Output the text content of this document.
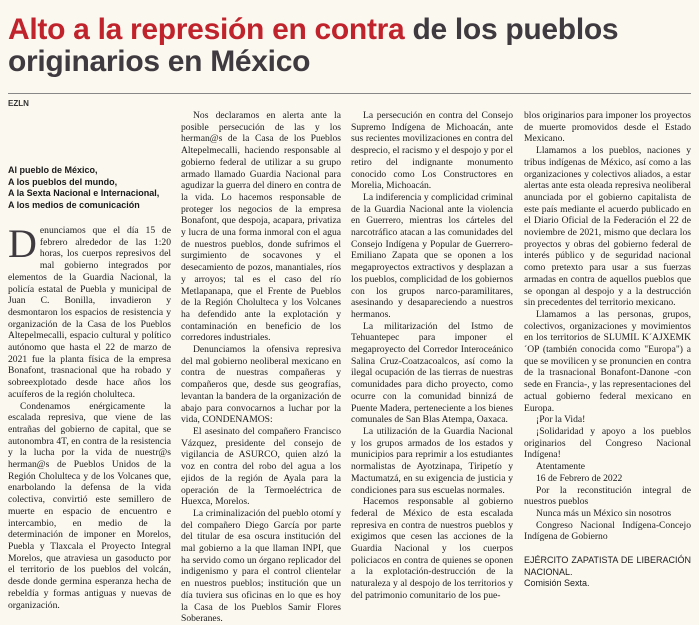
Alto a la represión en contra de los pueblos originarios en México
EZLN
Al pueblo de México,
A los pueblos del mundo,
A la Sexta Nacional e Internacional,
A los medios de comunicación

Denunciamos que el día 15 de febrero alrededor de las 1:20 horas, los cuerpos represivos del mal gobierno integrados por elementos de la Guardia Nacional, la policía estatal de Puebla y municipal de Juan C. Bonilla, invadieron y desmontaron los espacios de resistencia y organización de la Casa de los Pueblos Altepelmecalli, espacio cultural y político autónomo que hasta el 22 de marzo de 2021 fue la planta física de la empresa Bonafont, trasnacional que ha robado y sobreexplotado desde hace años los acuíferos de la región cholulteca.

Condenamos enérgicamente la escalada represiva, que viene de las entrañas del gobierno de capital, que se autonombra 4T, en contra de la resistencia y la lucha por la vida de nuestr@s herman@s de Pueblos Unidos de la Región Cholulteca y de los Volcanes que, enarbolando la defensa de la vida colectiva, convirtió este semillero de muerte en espacio de encuentro e intercambio, en medio de la determinación de imponer en Morelos, Puebla y Tlaxcala el Proyecto Integral Morelos, que atraviesa un gasoducto por el territorio de los pueblos del volcán, desde donde germina esperanza hecha de rebeldía y formas antiguas y nuevas de organización.

Nos declaramos en alerta ante la posible persecución de las y los herman@s de la Casa de los Pueblos Altepelmecalli, haciendo responsable al gobierno federal de utilizar a su grupo armado llamado Guardia Nacional para agudizar la guerra del dinero en contra de la vida. Lo hacemos responsable de proteger los negocios de la empresa Bonafont, que despoja, acapara, privatiza y lucra de una forma inmoral con el agua de nuestros pueblos, donde sufrimos el surgimiento de socavones y el desecamiento de pozos, manantiales, ríos y arroyos; tal es el caso del río Metlapanapa, que el Frente de Pueblos de la Región Cholulteca y los Volcanes ha defendido ante la explotación y contaminación en beneficio de los corredores industriales.

Denunciamos la ofensiva represiva del mal gobierno neoliberal mexicano en contra de nuestras compañeras y compañeros que, desde sus geografías, levantan la bandera de la organización de abajo para convocarnos a luchar por la vida, CONDENAMOS:

El asesinato del compañero Francisco Vázquez, presidente del consejo de vigilancia de ASURCO, quien alzó la voz en contra del robo del agua a los ejidos de la región de Ayala para la operación de la Termoeléctrica de Huexca, Morelos.

La criminalización del pueblo otomí y del compañero Diego García por parte del titular de esa oscura institución del mal gobierno a la que llaman INPI, que ha servido como un órgano replicador del indigenismo y para el control clientelar en nuestros pueblos; institución que un día tuviera sus oficinas en lo que es hoy la Casa de los Pueblos Samir Flores Soberanes.

La persecución en contra del Consejo Supremo Indígena de Michoacán, ante sus recientes movilizaciones en contra del desprecio, el racismo y el despojo y por el retiro del indignante monumento conocido como Los Constructores en Morelia, Michoacán.

La indiferencia y complicidad criminal de la Guardia Nacional ante la violencia en Guerrero, mientras los cárteles del narcotráfico atacan a las comunidades del Consejo Indígena y Popular de Guerrero-Emiliano Zapata que se oponen a los megaproyectos extractivos y desplazan a los pueblos, complicidad de los gobiernos con los grupos narco-paramilitares, asesinando y desapareciendo a nuestros hermanos.

La militarización del Istmo de Tehuantepec para imponer el megaproyecto del Corredor Interoceánico Salina Cruz-Coatzacoalcos, así como la ilegal ocupación de las tierras de nuestras comunidades para dicho proyecto, como ocurre con la comunidad binnizá de Puente Madera, perteneciente a los bienes comunales de San Blas Atempa, Oaxaca.

La utilización de la Guardia Nacional y los grupos armados de los estados y municipios para reprimir a los estudiantes normalistas de Ayotzinapa, Tiripetío y Mactumatzá, en su exigencia de justicia y condiciones para sus escuelas normales.

Hacemos responsable al gobierno federal de México de esta escalada represiva en contra de nuestros pueblos y exigimos que cesen las acciones de la Guardia Nacional y los cuerpos policiacos en contra de quienes se oponen a la explotación-destrucción de la naturaleza y al despojo de los territorios y del patrimonio comunitario de los pue-

blos originarios para imponer los proyectos de muerte promovidos desde el Estado Mexicano.

Llamamos a los pueblos, naciones y tribus indígenas de México, así como a las organizaciones y colectivos aliados, a estar alertas ante esta oleada represiva neoliberal anunciada por el gobierno capitalista de este país mediante el acuerdo publicado en el Diario Oficial de la Federación el 22 de noviembre de 2021, mismo que declara los proyectos y obras del gobierno federal de interés público y de seguridad nacional como pretexto para usar a sus fuerzas armadas en contra de aquellos pueblos que se opongan al despojo y a la destrucción sin precedentes del territorio mexicano.

Llamamos a las personas, grupos, colectivos, organizaciones y movimientos en los territorios de SLUMIL K´AJXEMK´OP (también conocida como "Europa") a que se movilicen y se pronuncien en contra de la trasnacional Bonafont-Danone -con sede en Francia-, y las representaciones del actual gobierno federal mexicano en Europa.

¡Por la Vida!

¡Solidaridad y apoyo a los pueblos originarios del Congreso Nacional Indígena!

Atentamente

16 de Febrero de 2022

Por la reconstitución integral de nuestros pueblos

Nunca más un México sin nosotros

Congreso Nacional Indígena-Concejo Indígena de Gobierno

EJÉRCITO ZAPATISTA DE LIBERACIÓN NACIONAL.
Comisión Sexta.
